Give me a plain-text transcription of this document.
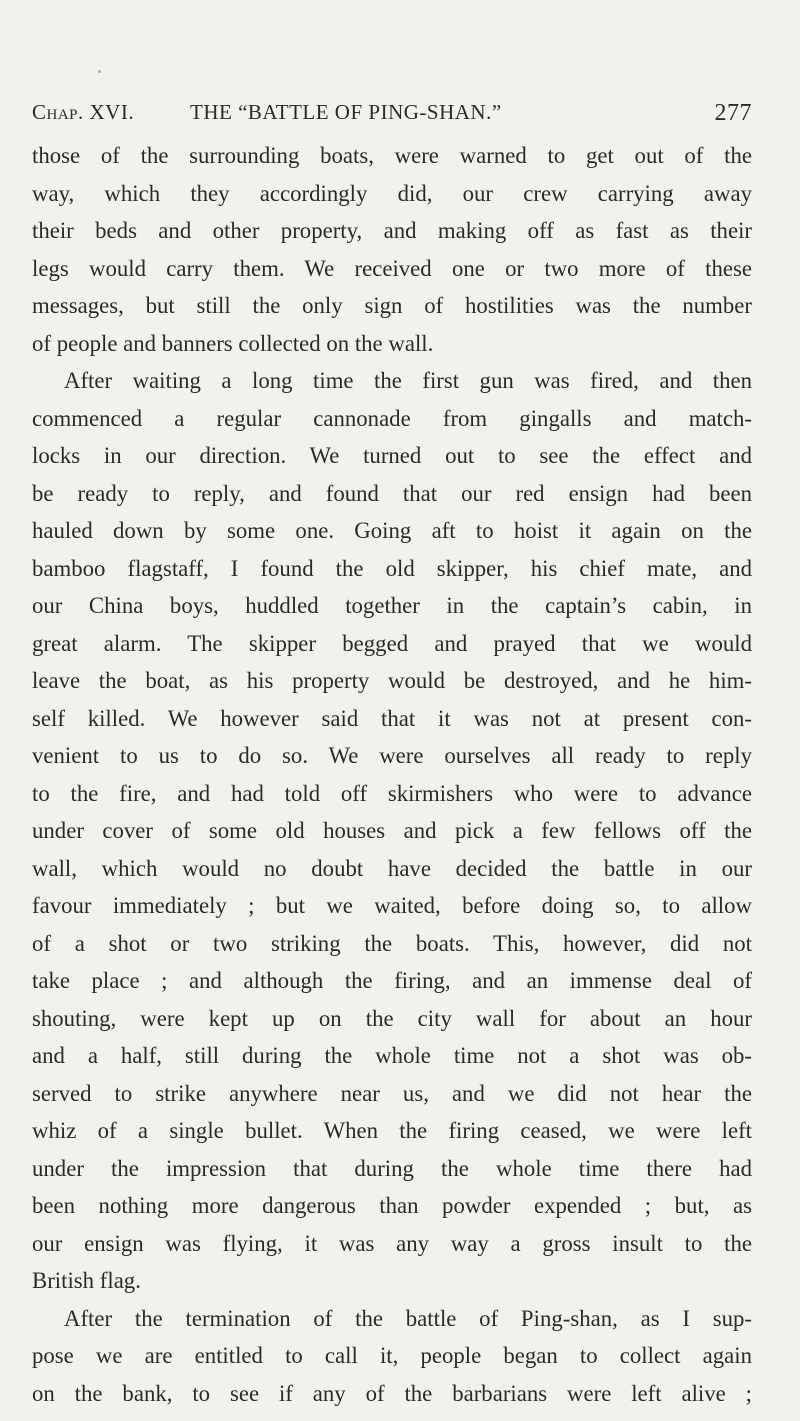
Chap. XVI.	THE “BATTLE OF PING-SHAN.”	277
those of the surrounding boats, were warned to get out of the
way, which they accordingly did, our crew carrying away
their beds and other property, and making off as fast as their
legs would carry them. We received one or two more of these
messages, but still the only sign of hostilities was the number
of people and banners collected on the wall.
After waiting a long time the first gun was fired, and then
commenced a regular cannonade from gingalls and match-
locks in our direction. We turned out to see the effect and
be ready to reply, and found that our red ensign had been
hauled down by some one. Going aft to hoist it again on the
bamboo flagstaff, I found the old skipper, his chief mate, and
our China boys, huddled together in the captain’s cabin, in
great alarm. The skipper begged and prayed that we would
leave the boat, as his property would be destroyed, and he him-
self killed. We however said that it was not at present con-
venient to us to do so. We were ourselves all ready to reply
to the fire, and had told off skirmishers who were to advance
under cover of some old houses and pick a few fellows off the
wall, which would no doubt have decided the battle in our
favour immediately ; but we waited, before doing so, to allow
of a shot or two striking the boats. This, however, did not
take place ; and although the firing, and an immense deal of
shouting, were kept up on the city wall for about an hour
and a half, still during the whole time not a shot was ob-
served to strike anywhere near us, and we did not hear the
whiz of a single bullet. When the firing ceased, we were left
under the impression that during the whole time there had
been nothing more dangerous than powder expended ; but, as
our ensign was flying, it was any way a gross insult to the
British flag.
After the termination of the battle of Ping-shan, as I sup-
pose we are entitled to call it, people began to collect again
on the bank, to see if any of the barbarians were left alive ;
